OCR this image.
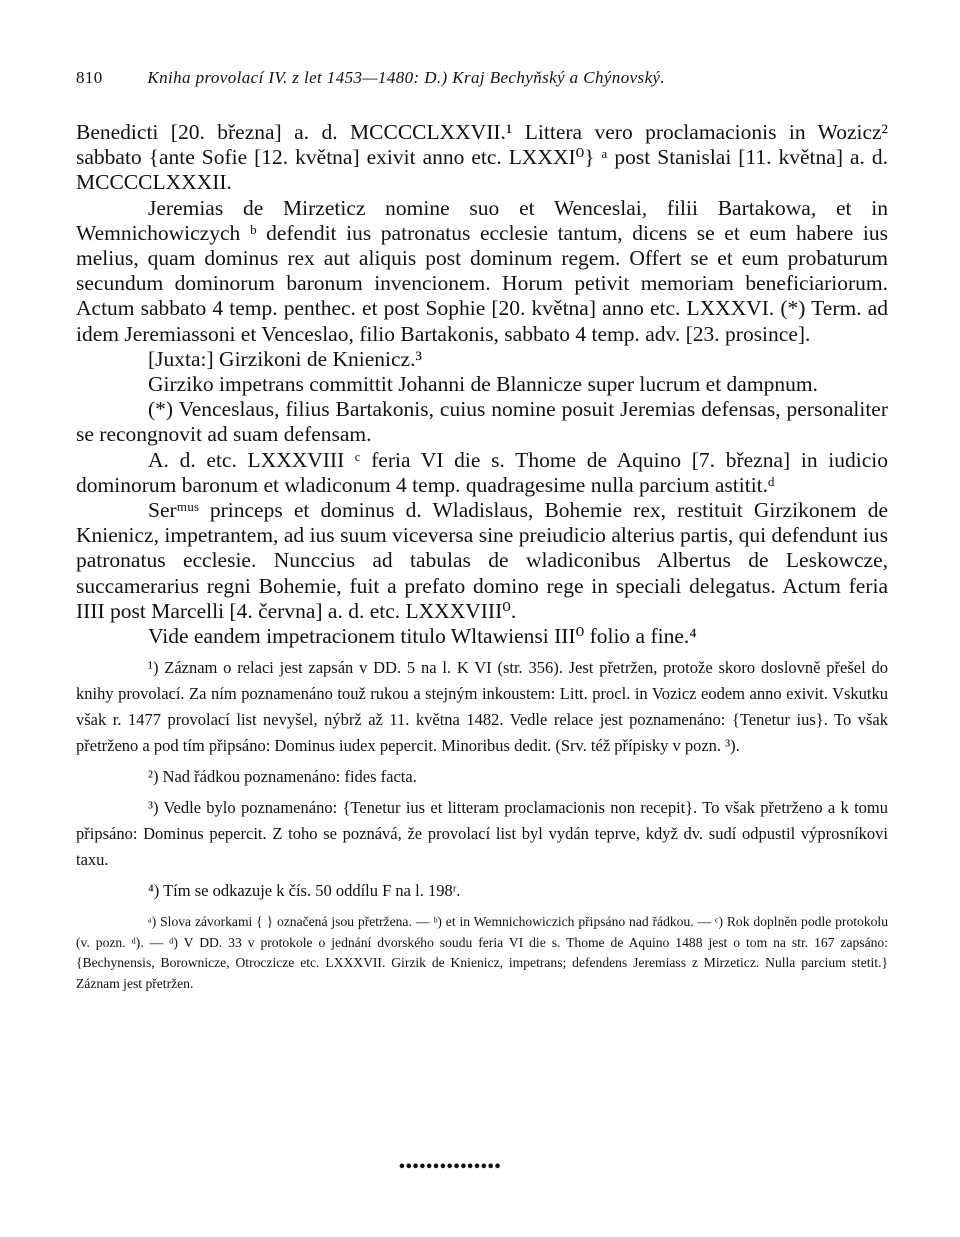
810	Kniha provolací IV. z let 1453—1480: D.) Kraj Bechyňský a Chýnovský.

Benedicti [20. března] a. d. MCCCCLXXVII.¹ Littera vero proclamacionis in Wozicz² sabbato {ante Sofie [12. května] exivit anno etc. LXXXI⁰} ᵃ post Stanislai [11. května] a. d. MCCCCLXXXII.

Jeremias de Mirzeticz nomine suo et Wenceslai, filii Bartakowa, et in Wemnichowiczych ᵇ defendit ius patronatus ecclesie tantum, dicens se et eum habere ius melius, quam dominus rex aut aliquis post dominum regem. Offert se et eum probaturum secundum dominorum baronum invencionem. Horum petivit memoriam beneficiariorum. Actum sabbato 4 temp. penthec. et post Sophie [20. května] anno etc. LXXXVI. (*) Term. ad idem Jeremiassoni et Venceslao, filio Bartakonis, sabbato 4 temp. adv. [23. prosince].

[Juxta:] Girzikoni de Knienicz.³

Girziko impetrans committit Johanni de Blannicze super lucrum et dampnum.

(*) Venceslaus, filius Bartakonis, cuius nomine posuit Jeremias defensas, personaliter se recongnovit ad suam defensam.

A. d. etc. LXXXVIII ᶜ feria VI die s. Thome de Aquino [7. března] in iudicio dominorum baronum et wladiconum 4 temp. quadragesime nulla parcium astitit.ᵈ

Serᵐᵘˢ princeps et dominus d. Wladislaus, Bohemie rex, restituit Girzikonem de Knienicz, impetrantem, ad ius suum viceversa sine preiudicio alterius partis, qui defendunt ius patronatus ecclesie. Nunccius ad tabulas de wladiconibus Albertus de Leskowcze, succamerarius regni Bohemie, fuit a prefato domino rege in speciali delegatus. Actum feria IIII post Marcelli [4. června] a. d. etc. LXXXVIII⁰.

Vide eandem impetracionem titulo Wltawiensi III⁰ folio a fine.⁴

¹) Záznam o relaci jest zapsán v DD. 5 na l. K VI (str. 356). Jest přetržen, protože skoro doslovně přešel do knihy provolací. Za ním poznamenáno touž rukou a stejným inkoustem: Litt. procl. in Vozicz eodem anno exivit. Vskutku však r. 1477 provolací list nevyšel, nýbrž až 11. května 1482. Vedle relace jest poznamenáno: {Tenetur ius}. To však přetrženo a pod tím připsáno: Dominus iudex pepercit. Minoribus dedit. (Srv. též přípisky v pozn. ³).

²) Nad řádkou poznamenáno: fides facta.

³) Vedle bylo poznamenáno: {Tenetur ius et litteram proclamacionis non recepit}. To však přetrženo a k tomu připsáno: Dominus pepercit. Z toho se poznává, že provolací list byl vydán teprve, když dv. sudí odpustil výprosníkovi taxu.

⁴) Tím se odkazuje k čís. 50 oddílu F na l. 198ʳ.

ᵃ) Slova závorkami { } označená jsou přetržena. — ᵇ) et in Wemnichowiczich připsáno nad řádkou. — ᶜ) Rok doplněn podle protokolu (v. pozn. ᵈ). — ᵈ) V DD. 33 v protokole o jednání dvorského soudu feria VI die s. Thome de Aquino 1488 jest o tom na str. 167 zapsáno: {Bechynensis, Borownicze, Otroczicze etc. LXXXVII. Girzik de Knienicz, impetrans; defendens Jeremiass z Mirzeticz. Nulla parcium stetit.} Záznam jest přetržen.

•••••••••••••••
